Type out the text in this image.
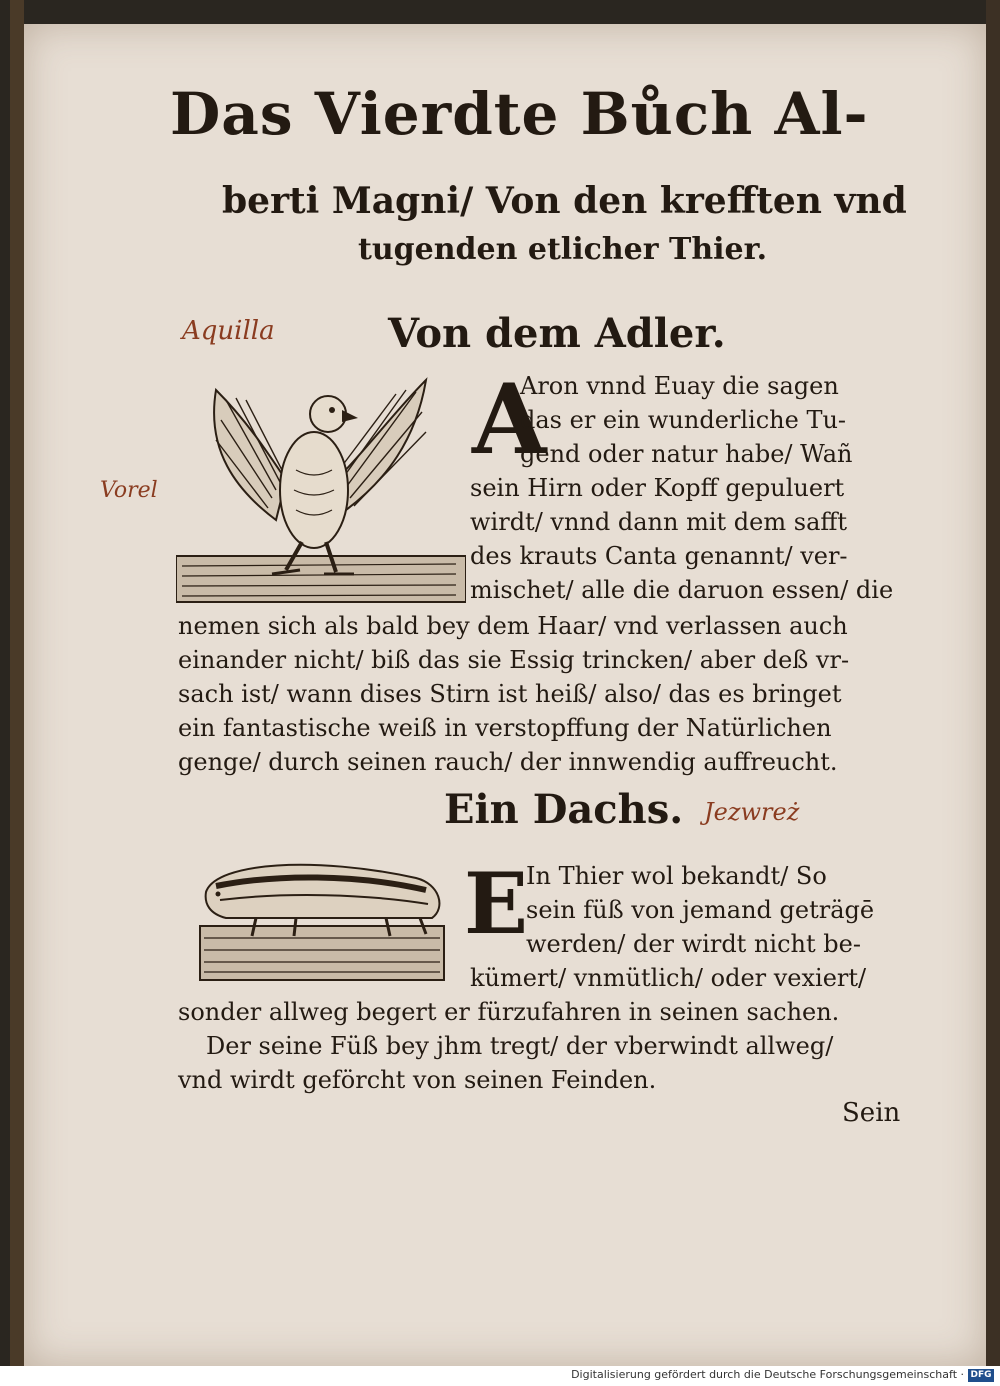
Das Vierdte Bůch Al-
berti Magni/ Von den krefften vnd
tugenden etlicher Thier.
Aquilla	Von dem Adler.
Vorel
A
Aron vnnd Euay die sagen
das er ein wunderliche Tu-
gend oder natur habe/ Wañ
sein Hirn oder Kopff gepuluert
wirdt/ vnnd dann mit dem safft
des krauts Canta genannt/ ver-
mischet/ alle die daruon essen/ die
nemen sich als bald bey dem Haar/ vnd verlassen auch
einander nicht/ biß das sie Essig trincken/ aber deß vr-
sach ist/ wann dises Stirn ist heiß/ also/ das es bringet
ein fantastische weiß in verstopffung der Natürlichen
genge/ durch seinen rauch/ der innwendig auffreucht.
Ein Dachs. Jezwreż
E
In Thier wol bekandt/ So
sein füß von jemand geträgē
werden/ der wirdt nicht be-
kümert/ vnmütlich/ oder vexiert/
sonder allweg begert er fürzufahren in seinen sachen.
Der seine Füß bey jhm tregt/ der vberwindt allweg/
vnd wirdt geförcht von seinen Feinden.
Sein
Digitalisierung gefördert durch die Deutsche Forschungsgemeinschaft · DFG
